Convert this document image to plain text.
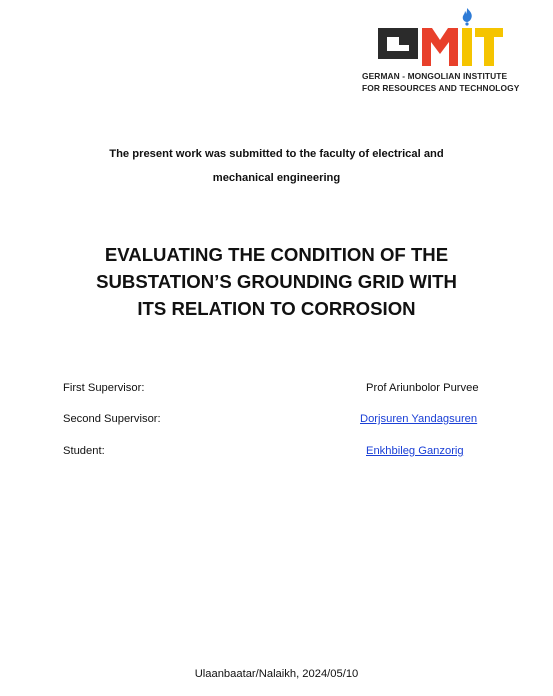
GERMAN - MONGOLIAN INSTITUTE
FOR RESOURCES AND TECHNOLOGY
The present work was submitted to the faculty of electrical and
mechanical engineering
EVALUATING THE CONDITION OF THE
SUBSTATION’S GROUNDING GRID WITH
ITS RELATION TO CORROSION
First Supervisor:	Prof Ariunbolor Purvee
Second Supervisor:	Dorjsuren Yandagsuren
Student:	Enkhbileg Ganzorig
Ulaanbaatar/Nalaikh, 2024/05/10
